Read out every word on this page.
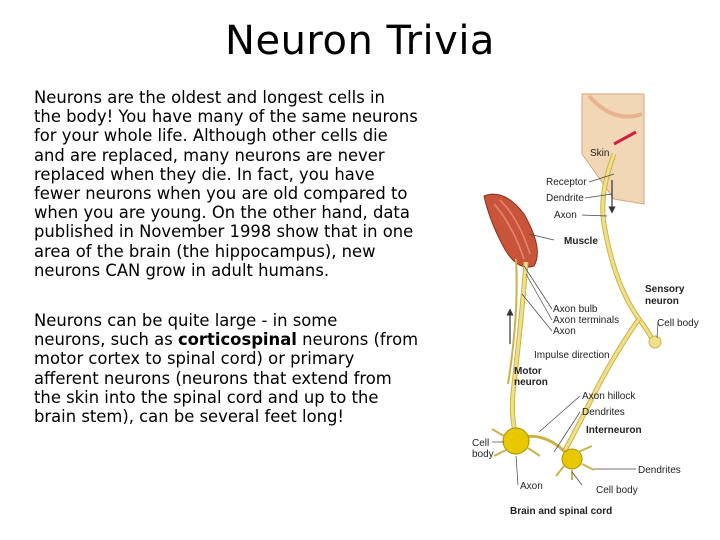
Neuron Trivia

Neurons are the oldest and longest cells in
the body! You have many of the same neurons
for your whole life. Although other cells die
and are replaced, many neurons are never
replaced when they die. In fact, you have
fewer neurons when you are old compared to
when you are young. On the other hand, data
published in November 1998 show that in one
area of the brain (the hippocampus), new
neurons CAN grow in adult humans.

Neurons can be quite large - in some
neurons, such as corticospinal neurons (from
motor cortex to spinal cord) or primary
afferent neurons (neurons that extend from
the skin into the spinal cord and up to the
brain stem), can be several feet long!

Skin
Receptor
Dendrite
Axon
Muscle
Sensory
neuron
Axon bulb
Axon terminals
Axon
Cell body
Impulse direction
Motor
neuron
Axon hillock
Dendrites
Interneuron
Cell
body
Dendrites
Axon	Cell body
Brain and spinal cord
